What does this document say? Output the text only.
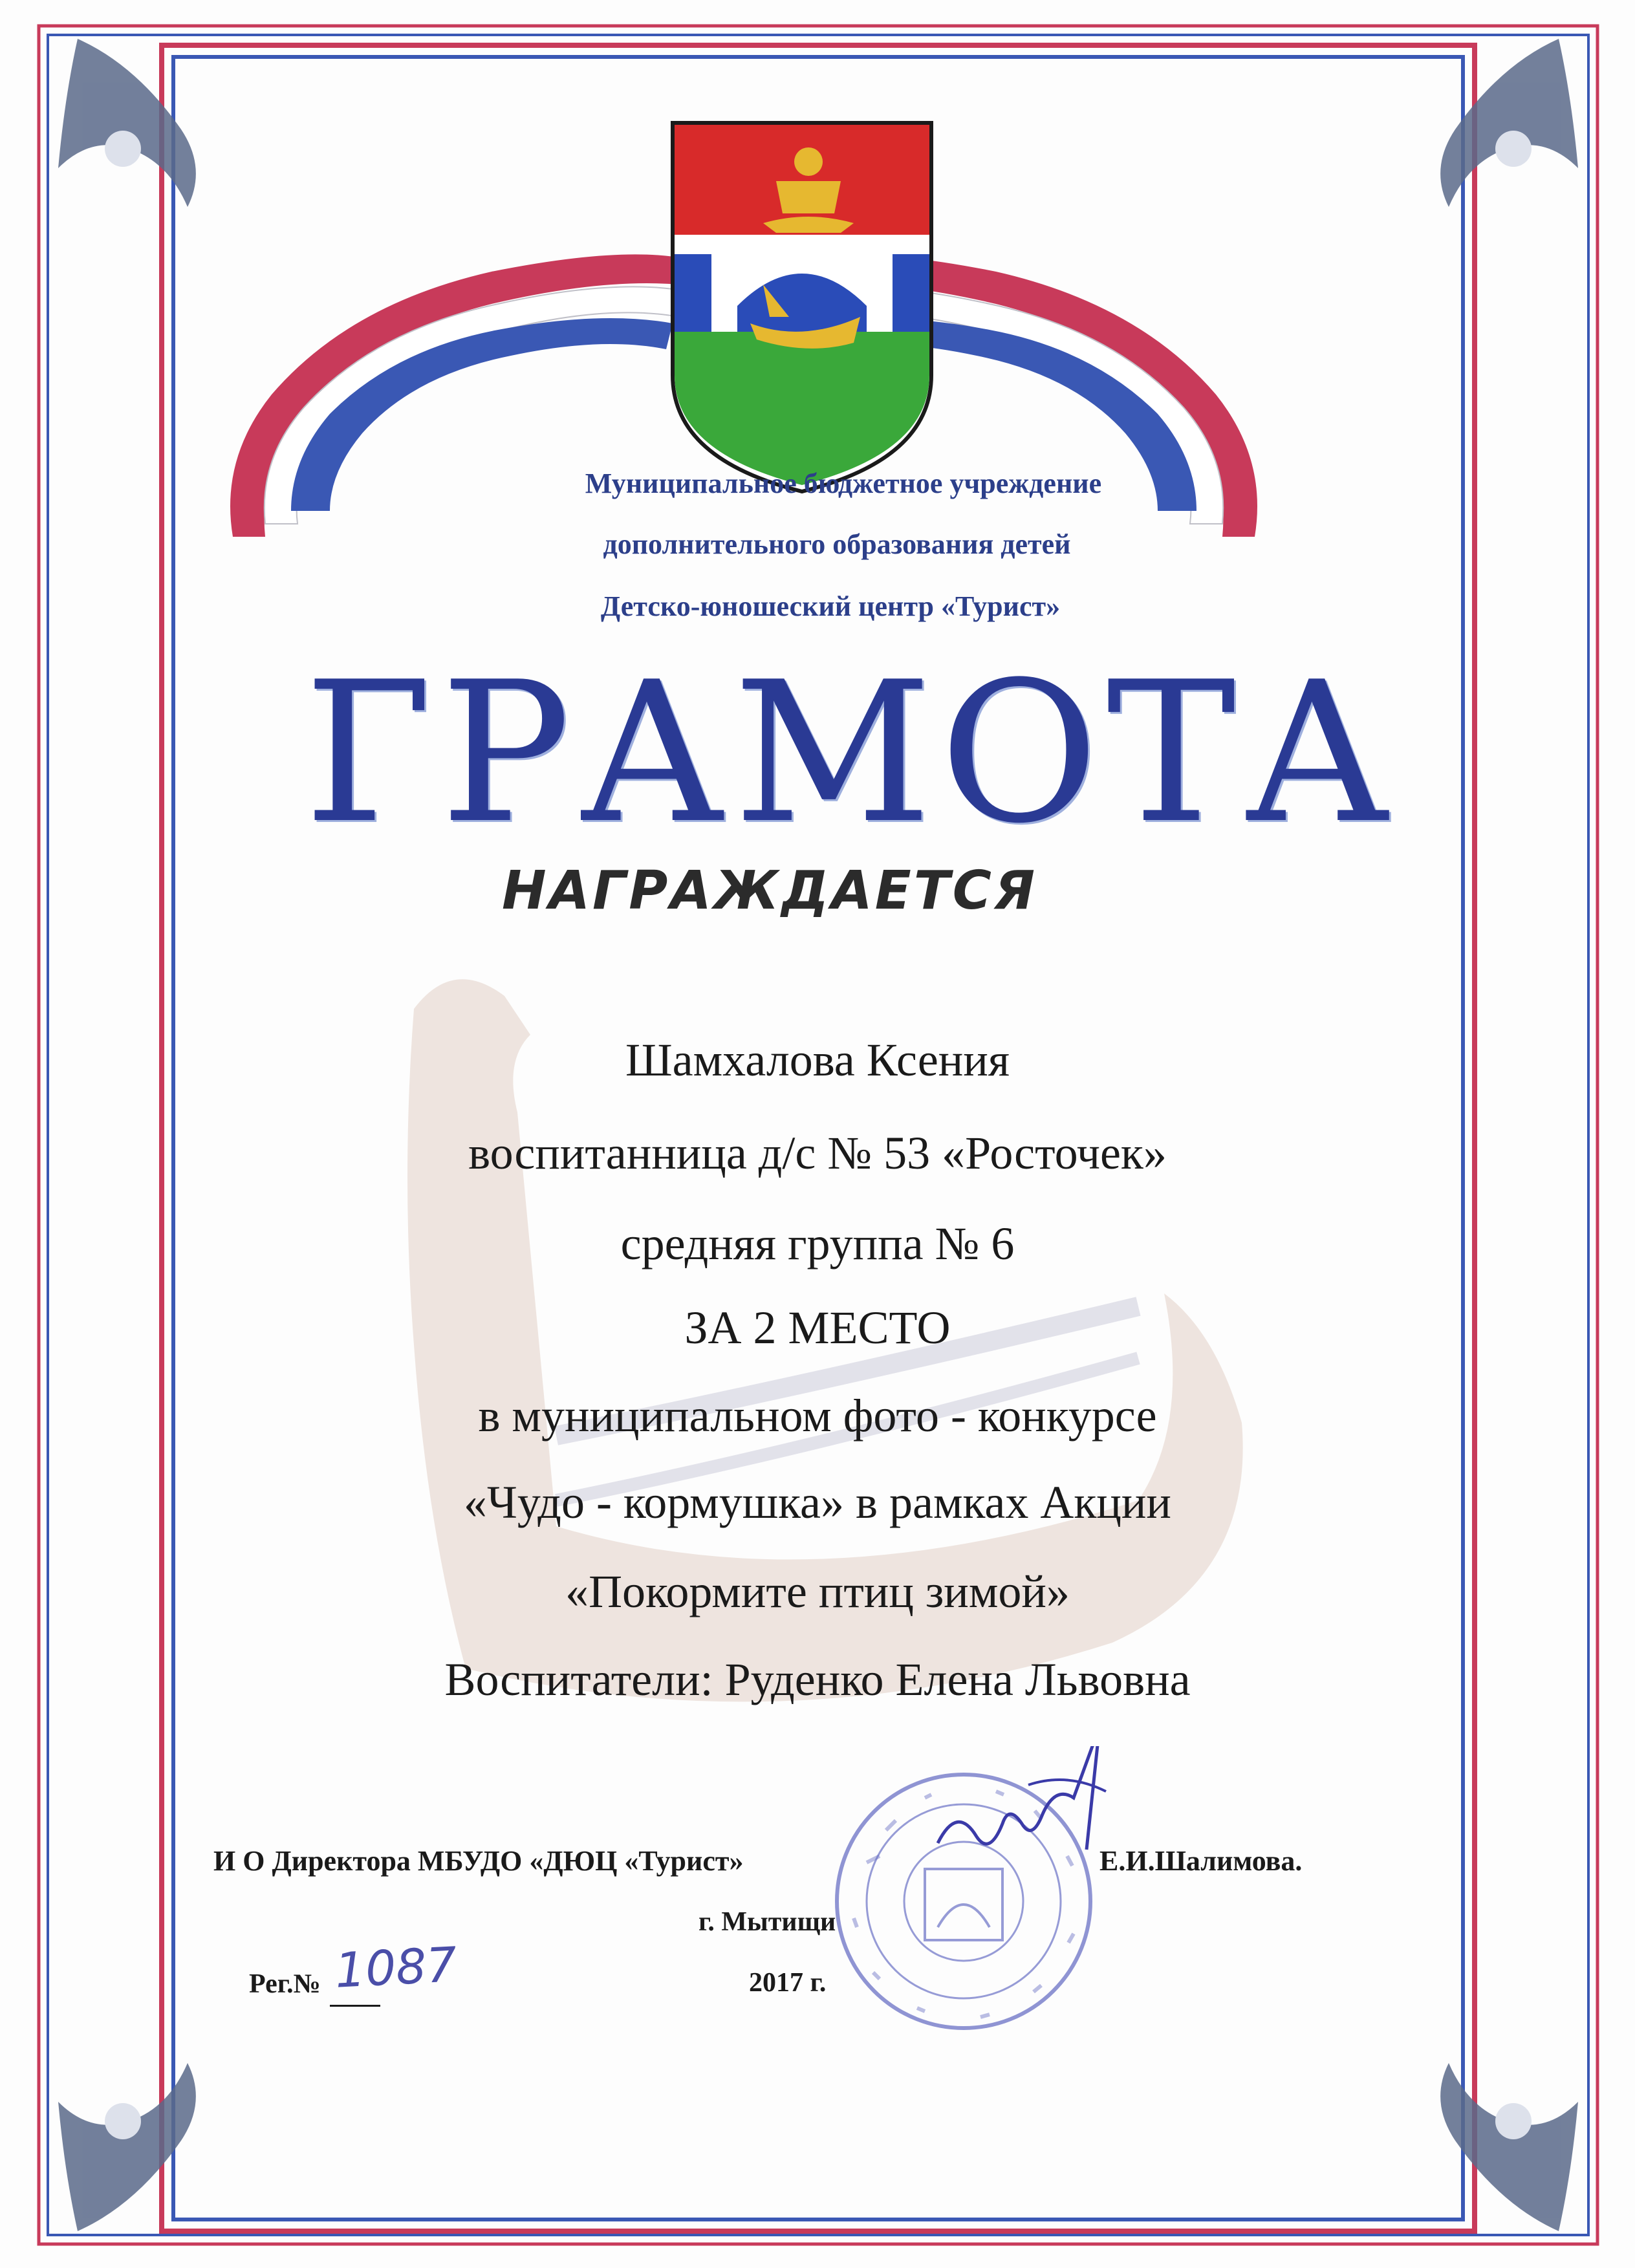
Муниципальное бюджетное учреждение
дополнительного образования детей
Детско-юношеский центр «Турист»
ГРАМОТА
НАГРАЖДАЕТСЯ
Шамхалова Ксения
воспитанница д/с № 53 «Росточек»
средняя группа № 6
ЗА 2 МЕСТО
в муниципальном фото - конкурсе
«Чудо - кормушка» в рамках Акции
«Покормите птиц зимой»
Воспитатели: Руденко Елена Львовна
И О Директора МБУДО «ДЮЦ «Турист»	Е.И.Шалимова.
г. Мытищи
2017 г.
Рег.№ 1087
